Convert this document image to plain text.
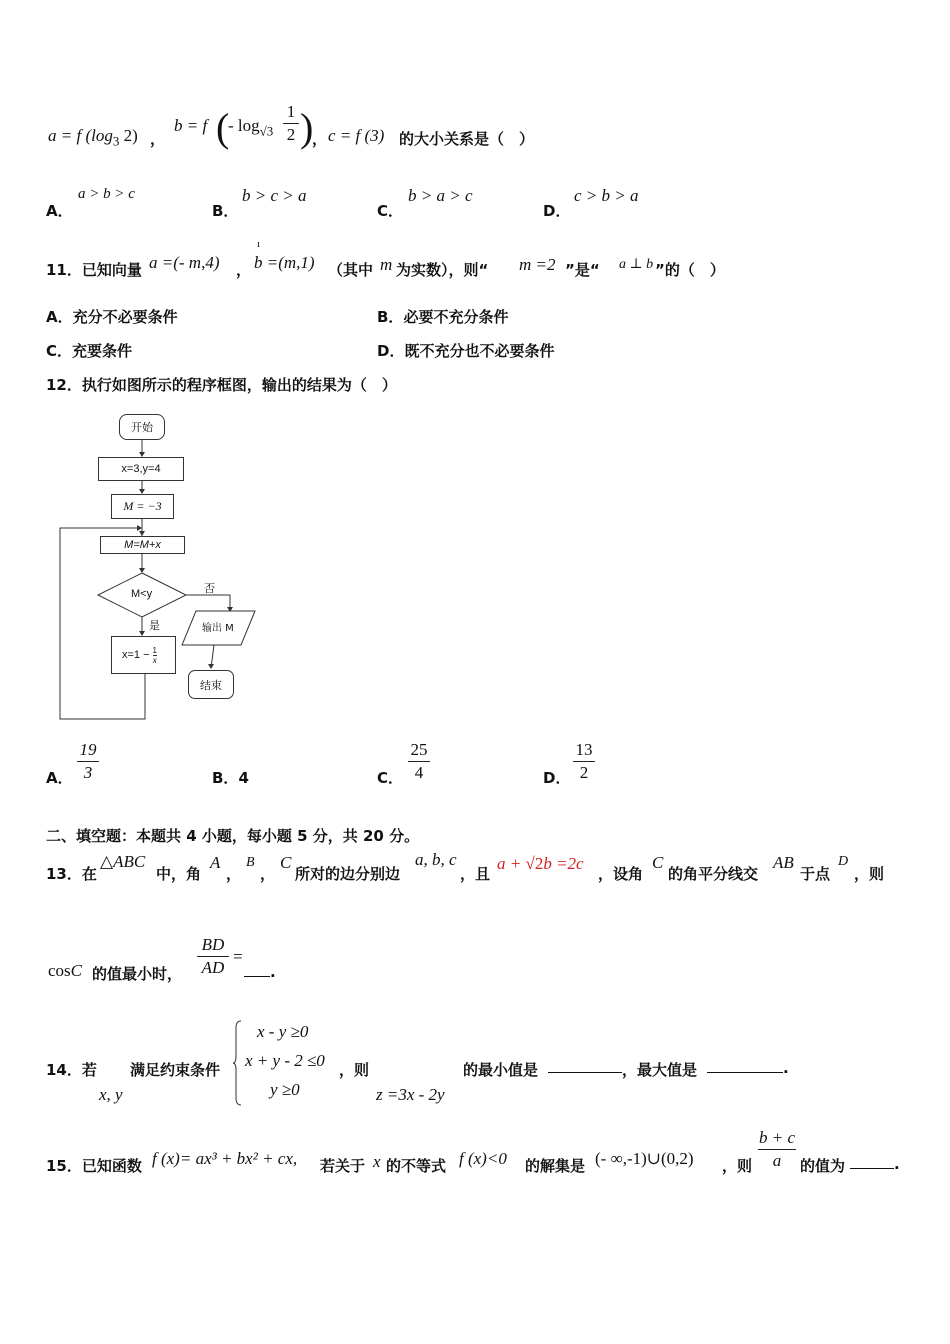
a = f ($\log_3$ 2) ，
b = f (
- $\log_{√3}$
1
2 )
， c = f (3) 的大小关系是（　）
A．
a > b > c
B．
b > c > a
C．
b > a > c
D．
c > b > a
11．已知向量 a =(- m,4) ，
ı
b =(m,1) （其中 m 为实数），则“ m =2 ”是“ a ⊥ b ”的（　）
A．充分不必要条件	B．必要不充分条件
C．充要条件	D．既不充分也不必要条件
12．执行如图所示的程序框图，输出的结果为（　）
开始
x=3,y=4
M = −3
M=M+x
M<y	否
是	输出 M
$x=1 - \frac{1}{x}$
结束
A．
19
3	B．4	C．
25
4	D．
13
2
二、填空题：本题共 4 小题，每小题 5 分，共 20 分。
13．在
△ABC
中，角
A
，
B
，
C
所对的边分别边
a, b, c
，且
a + √2b =2c
，设角
C
的角平分线交
AB
于点
D
，则
cosC 的值最小时，
BD
AD
=
.
14．若
x, y
满足约束条件
x - y ≥0
x + y - 2 ≤0
y ≥0
，则
z =3x - 2y
的最小值是	，最大值是	.
15．已知函数 f (x)= ax³ + bx² + cx, 若关于 x 的不等式 f (x)<0 的解集是 (- ∞,-1)∪(0,2) ，则
b + c
a	的值为	.
